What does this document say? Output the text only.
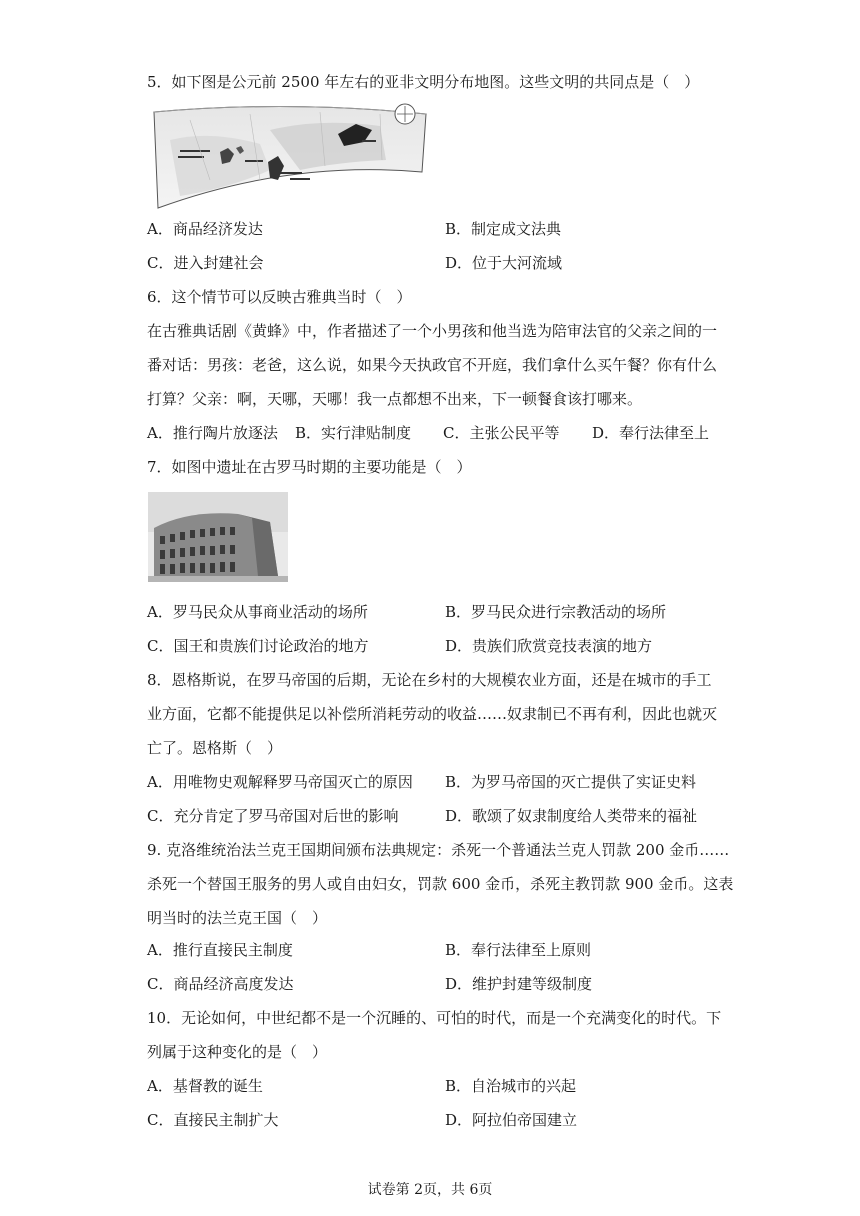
5．如下图是公元前 2500 年左右的亚非文明分布地图。这些文明的共同点是（　）
A．商品经济发达	B．制定成文法典
C．进入封建社会	D．位于大河流域
6．这个情节可以反映古雅典当时（　）
在古雅典话剧《黄蜂》中，作者描述了一个小男孩和他当选为陪审法官的父亲之间的一
番对话：男孩：老爸，这么说，如果今天执政官不开庭，我们拿什么买午餐？你有什么
打算？父亲：啊，天哪，天哪！我一点都想不出来，下一顿餐食该打哪来。
A．推行陶片放逐法 B．实行津贴制度 C．主张公民平等 D．奉行法律至上
7．如图中遗址在古罗马时期的主要功能是（　）
A．罗马民众从事商业活动的场所	B．罗马民众进行宗教活动的场所
C．国王和贵族们讨论政治的地方	D．贵族们欣赏竞技表演的地方
8．恩格斯说，在罗马帝国的后期，无论在乡村的大规模农业方面，还是在城市的手工
业方面，它都不能提供足以补偿所消耗劳动的收益……奴隶制已不再有利，因此也就灭
亡了。恩格斯（　）
A．用唯物史观解释罗马帝国灭亡的原因 B．为罗马帝国的灭亡提供了实证史料
C．充分肯定了罗马帝国对后世的影响	D．歌颂了奴隶制度给人类带来的福祉
9. 克洛维统治法兰克王国期间颁布法典规定：杀死一个普通法兰克人罚款 200 金币……
杀死一个替国王服务的男人或自由妇女，罚款 600 金币，杀死主教罚款 900 金币。这表
明当时的法兰克王国（　）
A．推行直接民主制度	B．奉行法律至上原则
C．商品经济高度发达	D．维护封建等级制度
10．无论如何，中世纪都不是一个沉睡的、可怕的时代，而是一个充满变化的时代。下
列属于这种变化的是（　）
A．基督教的诞生	B．自治城市的兴起
C．直接民主制扩大	D．阿拉伯帝国建立
试卷第 2页，共 6页
